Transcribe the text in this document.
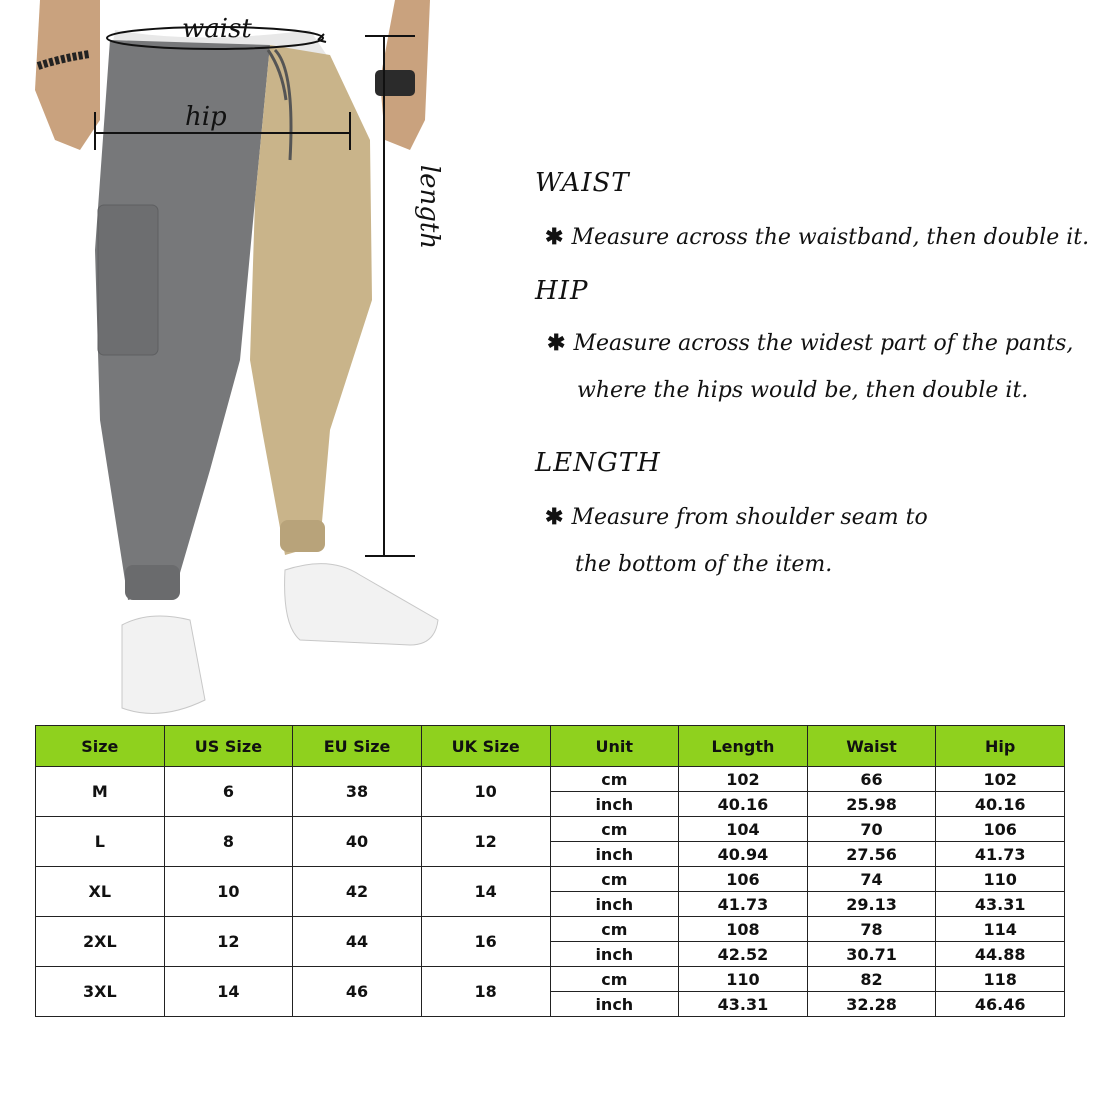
waist
hip
length	WAIST
✱ Measure across the waistband, then double it.
HIP
✱ Measure across the widest part of the pants,
where the hips would be, then double it.
LENGTH
✱ Measure from shoulder seam to
the bottom of the item.
Size	US Size	EU Size	UK Size	Unit	Length	Waist	Hip
M	6	38	10	cm	102	66	102
				inch	40.16	25.98	40.16
L	8	40	12	cm	104	70	106
				inch	40.94	27.56	41.73
XL	10	42	14	cm	106	74	110
				inch	41.73	29.13	43.31
2XL	12	44	16	cm	108	78	114
				inch	42.52	30.71	44.88
3XL	14	46	18	cm	110	82	118
				inch	43.31	32.28	46.46
